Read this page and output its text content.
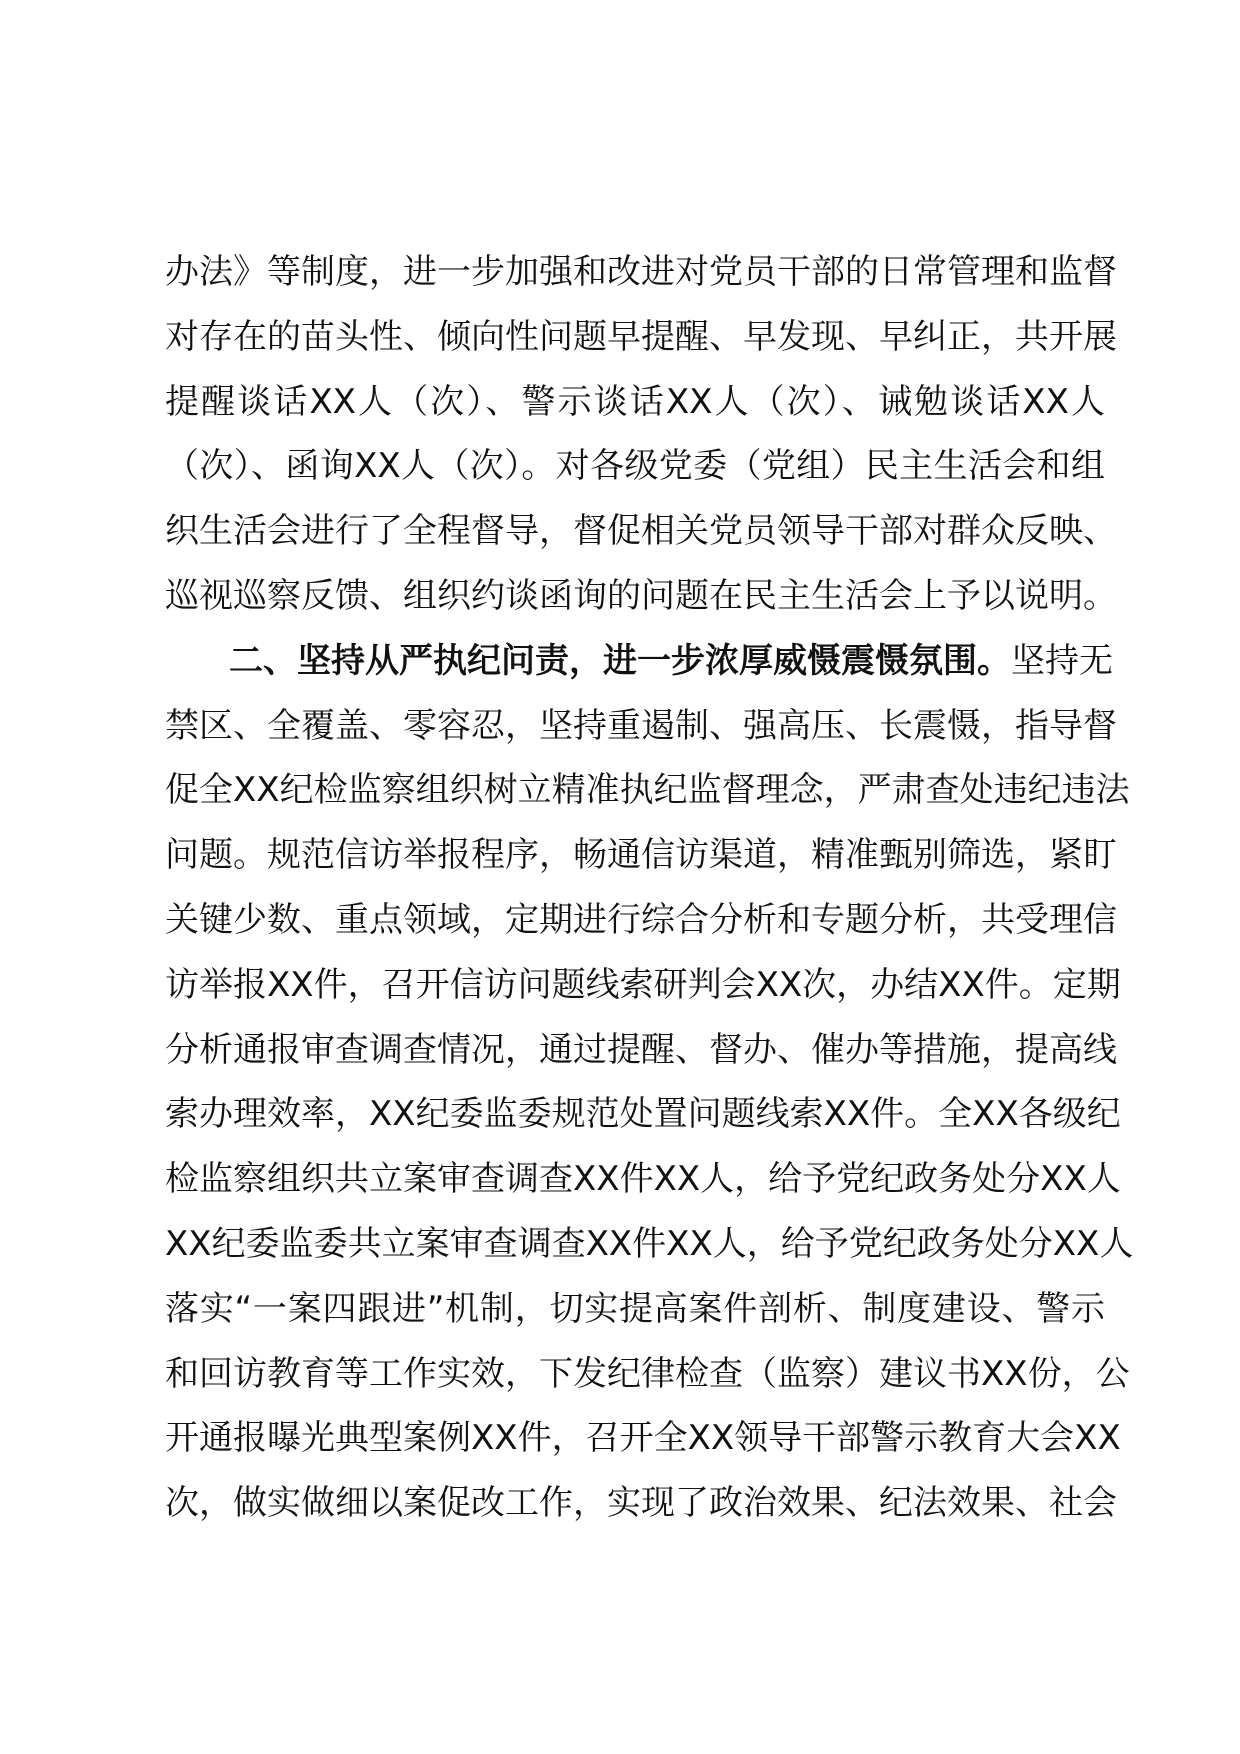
办法》等制度，进一步加强和改进对党员干部的日常管理和监督
对存在的苗头性、倾向性问题早提醒、早发现、早纠正，共开展
提醒谈话XX人（次）、警示谈话XX人（次）、诫勉谈话XX人
（次）、函询XX人（次）。对各级党委（党组）民主生活会和组
织生活会进行了全程督导，督促相关党员领导干部对群众反映、
巡视巡察反馈、组织约谈函询的问题在民主生活会上予以说明。
二、坚持从严执纪问责，进一步浓厚威慑震慑氛围。坚持无
禁区、全覆盖、零容忍，坚持重遏制、强高压、长震慑，指导督
促全XX纪检监察组织树立精准执纪监督理念，严肃查处违纪违法
问题。规范信访举报程序，畅通信访渠道，精准甄别筛选，紧盯
关键少数、重点领域，定期进行综合分析和专题分析，共受理信
访举报XX件，召开信访问题线索研判会XX次，办结XX件。定期
分析通报审查调查情况，通过提醒、督办、催办等措施，提高线
索办理效率，XX纪委监委规范处置问题线索XX件。全XX各级纪
检监察组织共立案审查调查XX件XX人，给予党纪政务处分XX人
XX纪委监委共立案审查调查XX件XX人，给予党纪政务处分XX人
落实“一案四跟进”机制，切实提高案件剖析、制度建设、警示
和回访教育等工作实效，下发纪律检查（监察）建议书XX份，公
开通报曝光典型案例XX件，召开全XX领导干部警示教育大会XX
次，做实做细以案促改工作，实现了政治效果、纪法效果、社会
